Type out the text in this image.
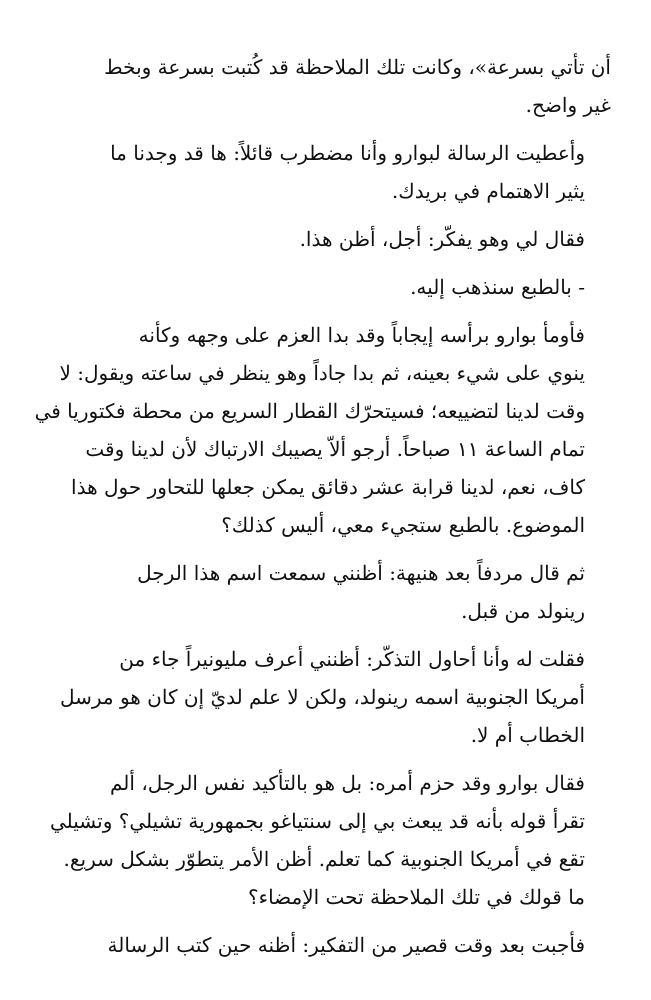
أن تأتي بسرعة»، وكانت تلك الملاحظة قد كُتبت بسرعة وبخط
غير واضح.

وأعطيت الرسالة لبوارو وأنا مضطرب قائلاً: ها قد وجدنا ما
يثير الاهتمام في بريدك.

فقال لي وهو يفكّر: أجل، أظن هذا.

- بالطبع سنذهب إليه.

فأومأ بوارو برأسه إيجاباً وقد بدا العزم على وجهه وكأنه
ينوي على شيء بعينه، ثم بدا جاداً وهو ينظر في ساعته ويقول: لا
وقت لدينا لتضييعه؛ فسيتحرّك القطار السريع من محطة فكتوريا في
تمام الساعة ١١ صباحاً. أرجو ألاّ يصيبك الارتباك لأن لدينا وقت
كاف، نعم، لدينا قرابة عشر دقائق يمكن جعلها للتحاور حول هذا
الموضوع. بالطبع ستجيء معي، أليس كذلك؟

ثم قال مردفاً بعد هنيهة: أظنني سمعت اسم هذا الرجل
رينولد من قبل.

فقلت له وأنا أحاول التذكّر: أظنني أعرف مليونيراً جاء من
أمريكا الجنوبية اسمه رينولد، ولكن لا علم لديّ إن كان هو مرسل
الخطاب أم لا.

فقال بوارو وقد حزم أمره: بل هو بالتأكيد نفس الرجل، ألم
تقرأ قوله بأنه قد يبعث بي إلى سنتياغو بجمهورية تشيلي؟ وتشيلي
تقع في أمريكا الجنوبية كما تعلم. أظن الأمر يتطوّر بشكل سريع.
ما قولك في تلك الملاحظة تحت الإمضاء؟

فأجبت بعد وقت قصير من التفكير: أظنه حين كتب الرسالة
